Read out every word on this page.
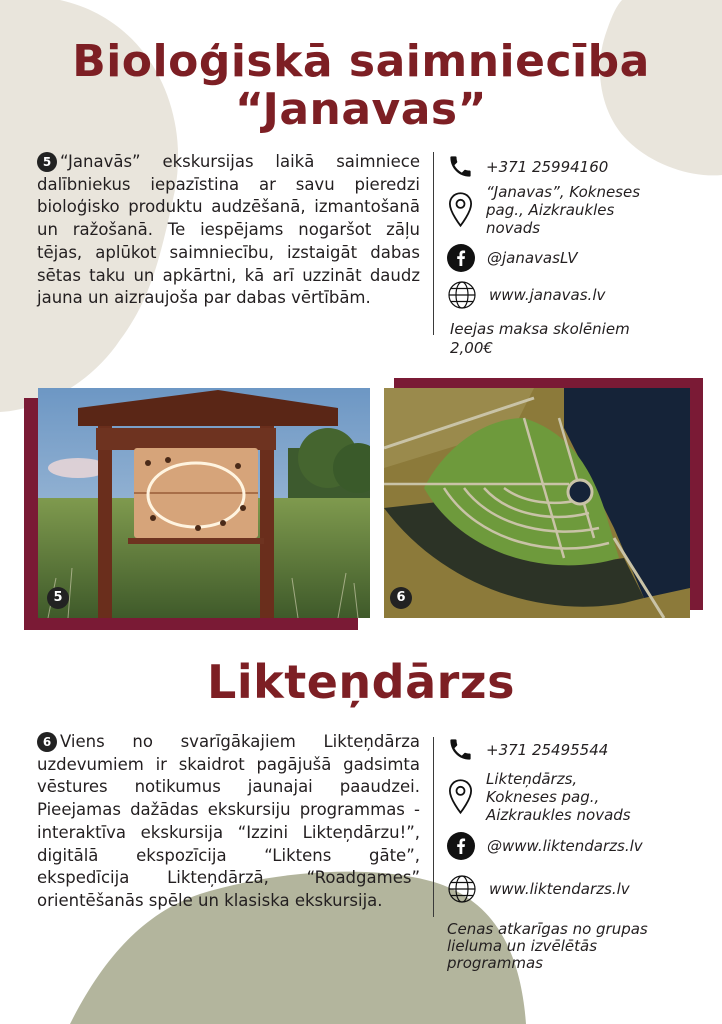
Bioloģiskā saimniecība
“Janavas”
5 “Janavās” ekskursijas laikā saimniece dalībniekus iepazīstina ar savu pieredzi bioloģisko produktu audzēšanā, izmantošanā un ražošanā. Te iespējams nogaršot zāļu tējas, aplūkot saimniecību, izstaigāt dabas sētas taku un apkārtni, kā arī uzzināt daudz jauna un aizraujoša par dabas vērtībām.
+371 25994160
“Janavas”, Kokneses
pag., Aizkraukles
novads
@janavasLV
www.janavas.lv
Ieejas maksa skolēniem
2,00€
5	6
Likteņdārzs
6 Viens no svarīgākajiem Likteņdārza uzdevumiem ir skaidrot pagājušā gadsimta vēstures notikumus jaunajai paaudzei. Pieejamas dažādas ekskursiju programmas - interaktīva ekskursija “Izzini Likteņdārzu!”, digitālā ekspozīcija “Liktens gāte”, ekspedīcija Likteņdārzā, “Roadgames” orientēšanās spēle un klasiska ekskursija.
+371 25495544
Likteņdārzs,
Kokneses pag.,
Aizkraukles novads
@www.liktendarzs.lv
www.liktendarzs.lv
Cenas atkarīgas no grupas
lieluma un izvēlētās
programmas
